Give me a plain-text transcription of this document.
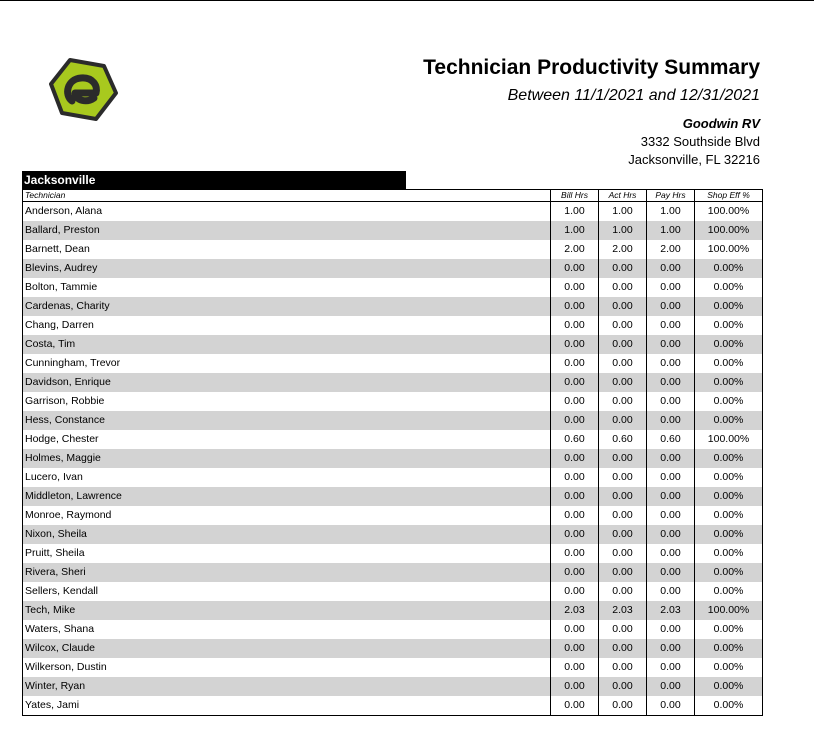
Technician Productivity Summary
Between 11/1/2021 and 12/31/2021
Goodwin RV
3332 Southside Blvd
Jacksonville, FL 32216
Jacksonville
Technician	Bill Hrs	Act Hrs	Pay Hrs	Shop Eff %
Anderson, Alana	1.00	1.00	1.00	100.00%
Ballard, Preston	1.00	1.00	1.00	100.00%
Barnett, Dean	2.00	2.00	2.00	100.00%
Blevins, Audrey	0.00	0.00	0.00	0.00%
Bolton, Tammie	0.00	0.00	0.00	0.00%
Cardenas, Charity	0.00	0.00	0.00	0.00%
Chang, Darren	0.00	0.00	0.00	0.00%
Costa, Tim	0.00	0.00	0.00	0.00%
Cunningham, Trevor	0.00	0.00	0.00	0.00%
Davidson, Enrique	0.00	0.00	0.00	0.00%
Garrison, Robbie	0.00	0.00	0.00	0.00%
Hess, Constance	0.00	0.00	0.00	0.00%
Hodge, Chester	0.60	0.60	0.60	100.00%
Holmes, Maggie	0.00	0.00	0.00	0.00%
Lucero, Ivan	0.00	0.00	0.00	0.00%
Middleton, Lawrence	0.00	0.00	0.00	0.00%
Monroe, Raymond	0.00	0.00	0.00	0.00%
Nixon, Sheila	0.00	0.00	0.00	0.00%
Pruitt, Sheila	0.00	0.00	0.00	0.00%
Rivera, Sheri	0.00	0.00	0.00	0.00%
Sellers, Kendall	0.00	0.00	0.00	0.00%
Tech, Mike	2.03	2.03	2.03	100.00%
Waters, Shana	0.00	0.00	0.00	0.00%
Wilcox, Claude	0.00	0.00	0.00	0.00%
Wilkerson, Dustin	0.00	0.00	0.00	0.00%
Winter, Ryan	0.00	0.00	0.00	0.00%
Yates, Jami	0.00	0.00	0.00	0.00%
